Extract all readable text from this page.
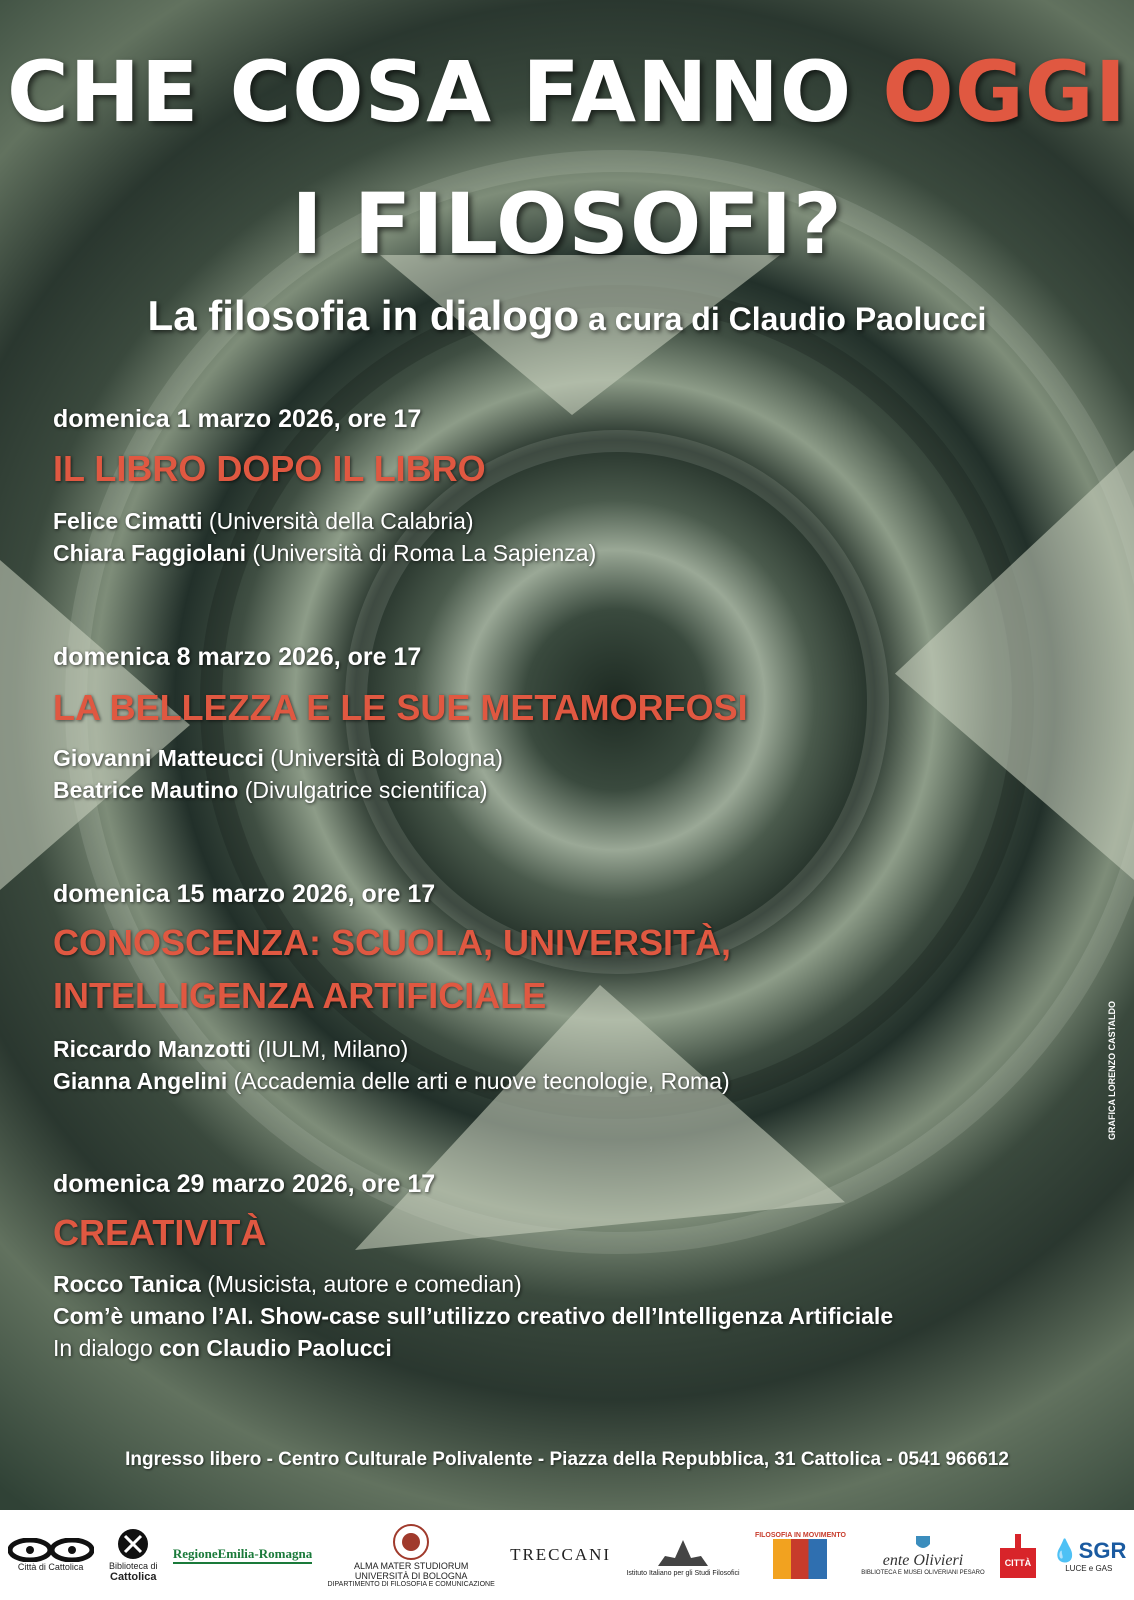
CHE COSA FANNO OGGI
I FILOSOFI?
La filosofia in dialogo a cura di Claudio Paolucci
domenica 1 marzo 2026, ore 17
IL LIBRO DOPO IL LIBRO
Felice Cimatti (Università della Calabria)
Chiara Faggiolani (Università di Roma La Sapienza)
domenica 8 marzo 2026, ore 17
LA BELLEZZA E LE SUE METAMORFOSI
Giovanni Matteucci (Università di Bologna)
Beatrice Mautino (Divulgatrice scientifica)
domenica 15 marzo 2026, ore 17
CONOSCENZA: SCUOLA, UNIVERSITÀ,
INTELLIGENZA ARTIFICIALE
Riccardo Manzotti (IULM, Milano)
Gianna Angelini (Accademia delle arti e nuove tecnologie, Roma)
domenica 29 marzo 2026, ore 17
CREATIVITÀ
Rocco Tanica (Musicista, autore e comedian)
Com’è umano l’AI. Show-case sull’utilizzo creativo dell’Intelligenza Artificiale
In dialogo con Claudio Paolucci
Ingresso libero - Centro Culturale Polivalente - Piazza della Repubblica, 31 Cattolica - 0541 966612
GRAFICA LORENZO CASTALDO
Città di Cattolica	Biblioteca di
Cattolica
RegioneEmilia-Romagna
ALMA MATER STUDIORUM
UNIVERSITÀ DI BOLOGNA
DIPARTIMENTO DI FILOSOFIA E COMUNICAZIONE
TRECCANI
Istituto Italiano per gli Studi Filosofici
FILOSOFIA IN MOVIMENTO
ente Olivieri
BIBLIOTECA E MUSEI OLIVERIANI PESARO
CITTÀ
💧SGR
LUCE e GAS
